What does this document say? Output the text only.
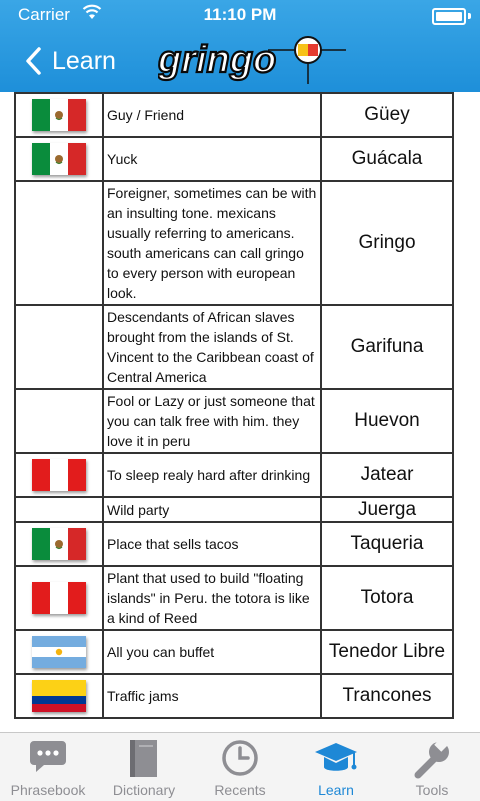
Carrier	11:10 PM
Learn gringo
	Guy / Friend	Güey

	Yuck	Guácala
	Foreigner, sometimes can be with an insulting tone. mexicans usually referring to americans. south americans can call gringo to every person with european look.	Gringo
	Descendants of African slaves brought from the islands of St. Vincent to the Caribbean coast of Central America	Garifuna
	Fool or Lazy or just someone that you can talk free with him. they love it in peru	Huevon

	To sleep realy hard after drinking	Jatear
	Wild party	Juerga

	Place that sells tacos	Taqueria

	Plant that used to build "floating islands" in Peru. the totora is like a kind of Reed	Totora

	All you can buffet	Tenedor Libre

	Traffic jams	Trancones
Phrasebook	Dictionary	Recents	Learn	Tools
